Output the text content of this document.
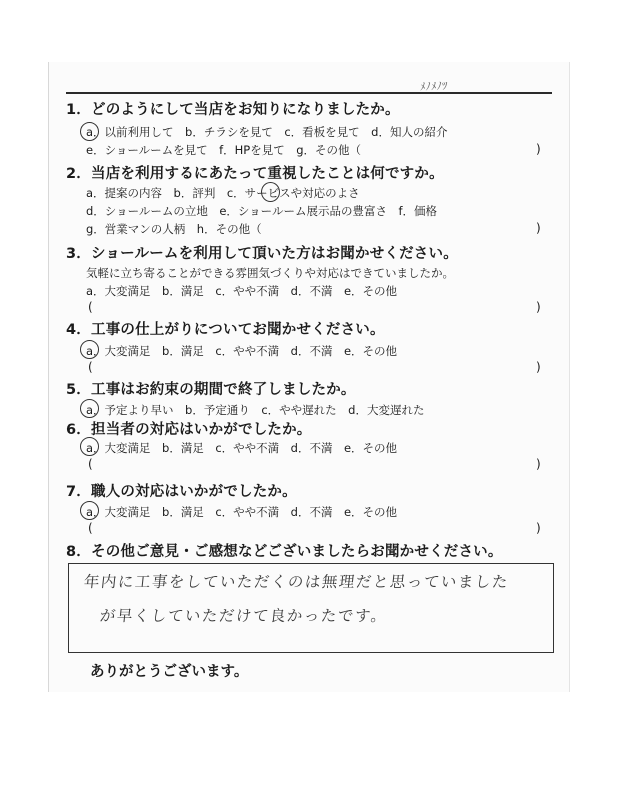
ﾒﾉﾒﾉﾂ
1．どのようにして当店をお知りになりましたか。
a．以前利用して　b．チラシを見て　c．看板を見て　d．知人の紹介
e．ショールームを見て　f．HPを見て　g．その他（	)
2．当店を利用するにあたって重視したことは何ですか。
a．提案の内容　b．評判　c．サービスや対応のよさ
d．ショールームの立地　e．ショールーム展示品の豊富さ　f．価格
g．営業マンの人柄　h．その他（	)
3．ショールームを利用して頂いた方はお聞かせください。
気軽に立ち寄ることができる雰囲気づくりや対応はできていましたか。
a．大変満足　b．満足　c．やや不満　d．不満　e．その他
(	)
4．工事の仕上がりについてお聞かせください。
a．大変満足　b．満足　c．やや不満　d．不満　e．その他
(	)
5．工事はお約束の期間で終了しましたか。
a．予定より早い　b．予定通り　c．やや遅れた　d．大変遅れた
6．担当者の対応はいかがでしたか。
a．大変満足　b．満足　c．やや不満　d．不満　e．その他
(	)
7．職人の対応はいかがでしたか。
a．大変満足　b．満足　c．やや不満　d．不満　e．その他
(	)
8．その他ご意見・ご感想などございましたらお聞かせください。
年内に工事をしていただくのは無理だと思っていました
が早くしていただけて良かったです。
ありがとうございます。
